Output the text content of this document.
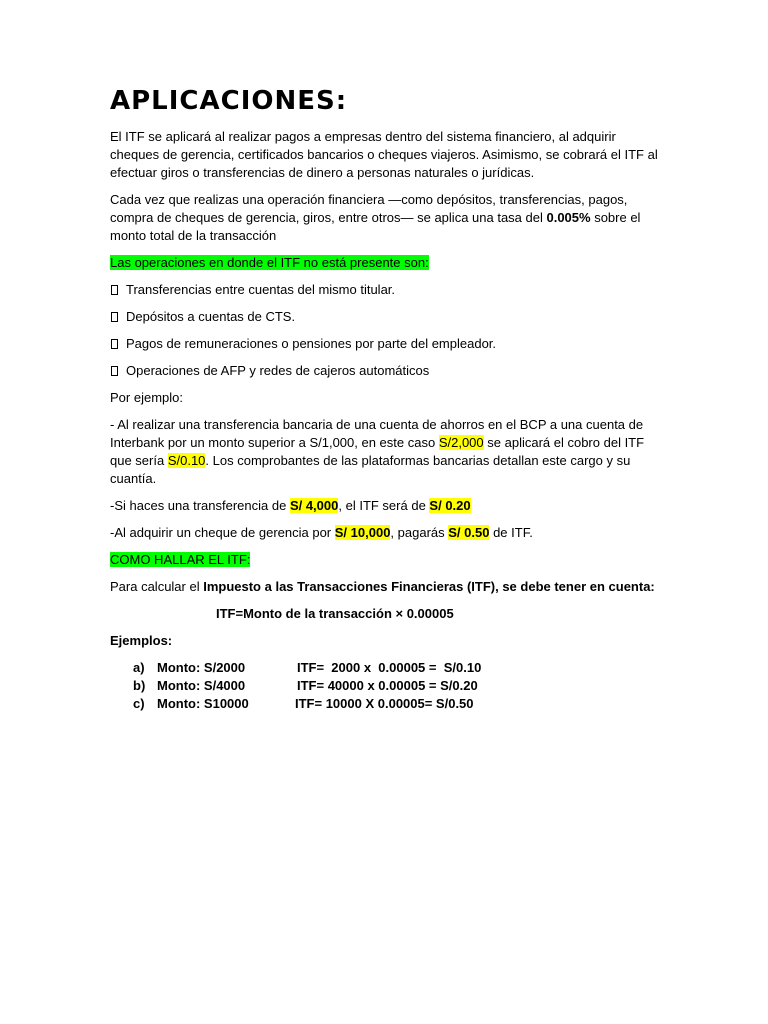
APLICACIONES:

El ITF se aplicará al realizar pagos a empresas dentro del sistema financiero, al adquirir cheques de gerencia, certificados bancarios o cheques viajeros. Asimismo, se cobrará el ITF al efectuar giros o transferencias de dinero a personas naturales o jurídicas.

Cada vez que realizas una operación financiera —como depósitos, transferencias, pagos, compra de cheques de gerencia, giros, entre otros— se aplica una tasa del 0.005% sobre el monto total de la transacción

Las operaciones en donde el ITF no está presente son:

Transferencias entre cuentas del mismo titular.
Depósitos a cuentas de CTS.
Pagos de remuneraciones o pensiones por parte del empleador.
Operaciones de AFP y redes de cajeros automáticos

Por ejemplo:

- Al realizar una transferencia bancaria de una cuenta de ahorros en el BCP a una cuenta de Interbank por un monto superior a S/1,000, en este caso S/2,000 se aplicará el cobro del ITF que sería S/0.10. Los comprobantes de las plataformas bancarias detallan este cargo y su cuantía.

-Si haces una transferencia de S/ 4,000, el ITF será de S/ 0.20

-Al adquirir un cheque de gerencia por S/ 10,000, pagarás S/ 0.50 de ITF.

COMO HALLAR EL ITF:

Para calcular el Impuesto a las Transacciones Financieras (ITF), se debe tener en cuenta:

ITF=Monto de la transacción × 0.00005

Ejemplos:

a) Monto: S/2000	ITF=  2000 x  0.00005 =  S/0.10
b) Monto: S/4000	ITF= 40000 x 0.00005 = S/0.20
c) Monto: S10000	ITF= 10000 X 0.00005= S/0.50
